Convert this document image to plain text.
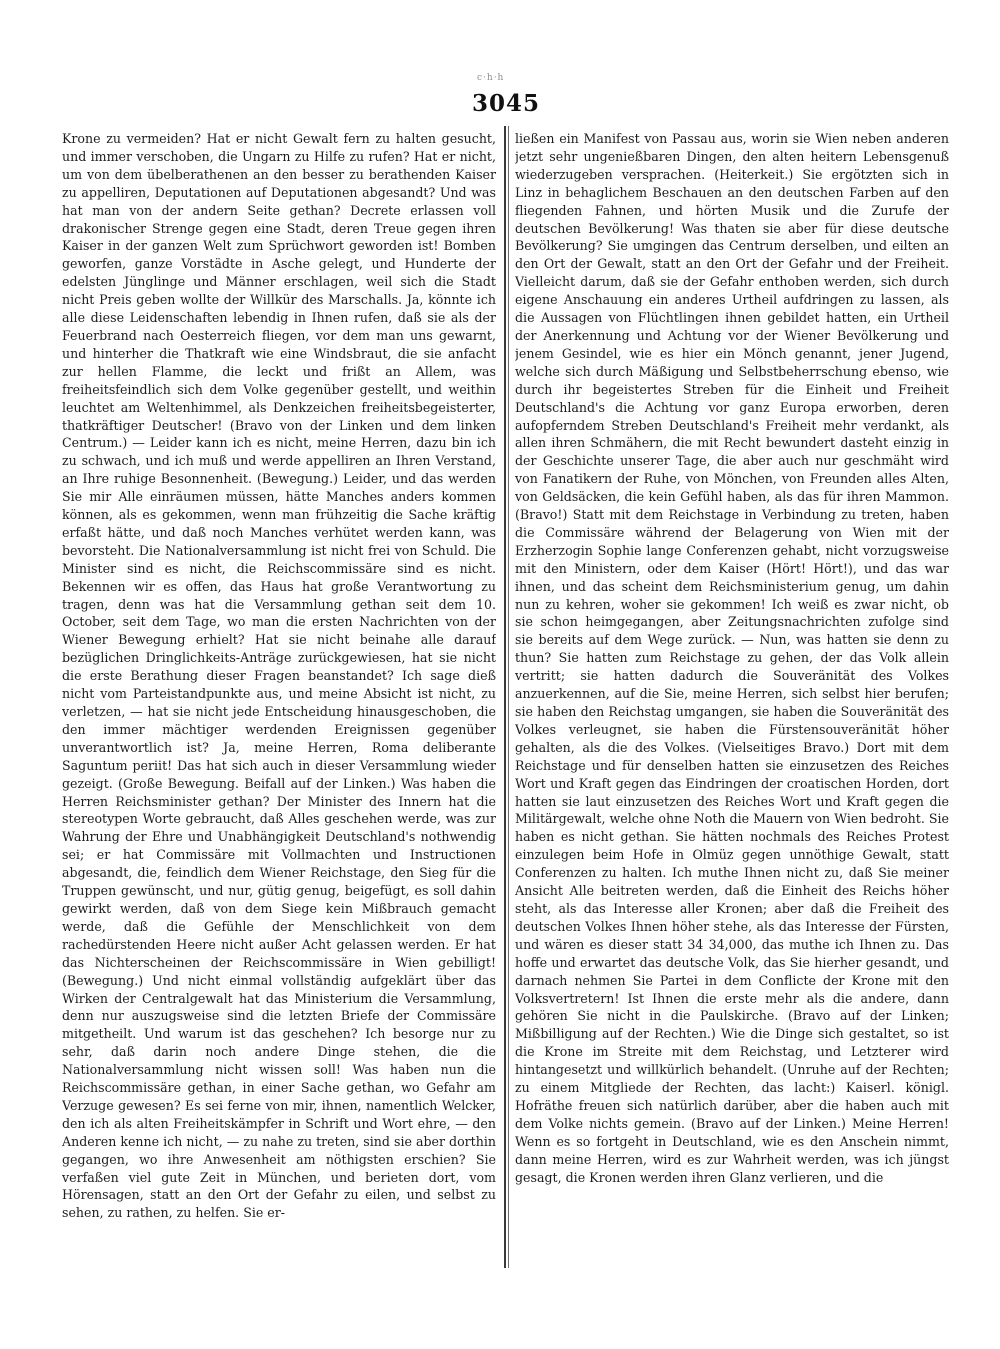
c·h·h
3045

Krone zu vermeiden? Hat er nicht Gewalt fern zu halten gesucht, und immer verschoben, die Ungarn zu Hilfe zu rufen? Hat er nicht, um von dem übelberathenen an den besser zu berathenden Kaiser zu appelliren, Deputationen auf Deputationen abgesandt? Und was hat man von der andern Seite gethan? Decrete erlassen voll drakonischer Strenge gegen eine Stadt, deren Treue gegen ihren Kaiser in der ganzen Welt zum Sprüchwort geworden ist! Bomben geworfen, ganze Vorstädte in Asche gelegt, und Hunderte der edelsten Jünglinge und Männer erschlagen, weil sich die Stadt nicht Preis geben wollte der Willkür des Marschalls. Ja, könnte ich alle diese Leidenschaften lebendig in Ihnen rufen, daß sie als der Feuerbrand nach Oesterreich fliegen, vor dem man uns gewarnt, und hinterher die Thatkraft wie eine Windsbraut, die sie anfacht zur hellen Flamme, die leckt und frißt an Allem, was freiheitsfeindlich sich dem Volke gegenüber gestellt, und weithin leuchtet am Weltenhimmel, als Denkzeichen freiheitsbegeisterter, thatkräftiger Deutscher! (Bravo von der Linken und dem linken Centrum.) — Leider kann ich es nicht, meine Herren, dazu bin ich zu schwach, und ich muß und werde appelliren an Ihren Verstand, an Ihre ruhige Besonnenheit. (Bewegung.) Leider, und das werden Sie mir Alle einräumen müssen, hätte Manches anders kommen können, als es gekommen, wenn man frühzeitig die Sache kräftig erfaßt hätte, und daß noch Manches verhütet werden kann, was bevorsteht. Die Nationalversammlung ist nicht frei von Schuld. Die Minister sind es nicht, die Reichscommissäre sind es nicht. Bekennen wir es offen, das Haus hat große Verantwortung zu tragen, denn was hat die Versammlung gethan seit dem 10. October, seit dem Tage, wo man die ersten Nachrichten von der Wiener Bewegung erhielt? Hat sie nicht beinahe alle darauf bezüglichen Dringlichkeits-Anträge zurückgewiesen, hat sie nicht die erste Berathung dieser Fragen beanstandet? Ich sage dieß nicht vom Parteistandpunkte aus, und meine Absicht ist nicht, zu verletzen, — hat sie nicht jede Entscheidung hinausgeschoben, die den immer mächtiger werdenden Ereignissen gegenüber unverantwortlich ist? Ja, meine Herren, Roma deliberante Saguntum periit! Das hat sich auch in dieser Versammlung wieder gezeigt. (Große Bewegung. Beifall auf der Linken.) Was haben die Herren Reichsminister gethan? Der Minister des Innern hat die stereotypen Worte gebraucht, daß Alles geschehen werde, was zur Wahrung der Ehre und Unabhängigkeit Deutschland's nothwendig sei; er hat Commissäre mit Vollmachten und Instructionen abgesandt, die, feindlich dem Wiener Reichstage, den Sieg für die Truppen gewünscht, und nur, gütig genug, beigefügt, es soll dahin gewirkt werden, daß von dem Siege kein Mißbrauch gemacht werde, daß die Gefühle der Menschlichkeit von dem rachedürstenden Heere nicht außer Acht gelassen werden. Er hat das Nichterscheinen der Reichscommissäre in Wien gebilligt! (Bewegung.) Und nicht einmal vollständig aufgeklärt über das Wirken der Centralgewalt hat das Ministerium die Versammlung, denn nur auszugsweise sind die letzten Briefe der Commissäre mitgetheilt. Und warum ist das geschehen? Ich besorge nur zu sehr, daß darin noch andere Dinge stehen, die die Nationalversammlung nicht wissen soll! Was haben nun die Reichscommissäre gethan, in einer Sache gethan, wo Gefahr am Verzuge gewesen? Es sei ferne von mir, ihnen, namentlich Welcker, den ich als alten Freiheitskämpfer in Schrift und Wort ehre, — den Anderen kenne ich nicht, — zu nahe zu treten, sind sie aber dorthin gegangen, wo ihre Anwesenheit am nöthigsten erschien? Sie verfaßen viel gute Zeit in München, und berieten dort, vom Hörensagen, statt an den Ort der Gefahr zu eilen, und selbst zu sehen, zu rathen, zu helfen. Sie er-

ließen ein Manifest von Passau aus, worin sie Wien neben anderen jetzt sehr ungenießbaren Dingen, den alten heitern Lebensgenuß wiederzugeben versprachen. (Heiterkeit.) Sie ergötzten sich in Linz in behaglichem Beschauen an den deutschen Farben auf den fliegenden Fahnen, und hörten Musik und die Zurufe der deutschen Bevölkerung! Was thaten sie aber für diese deutsche Bevölkerung? Sie umgingen das Centrum derselben, und eilten an den Ort der Gewalt, statt an den Ort der Gefahr und der Freiheit. Vielleicht darum, daß sie der Gefahr enthoben werden, sich durch eigene Anschauung ein anderes Urtheil aufdringen zu lassen, als die Aussagen von Flüchtlingen ihnen gebildet hatten, ein Urtheil der Anerkennung und Achtung vor der Wiener Bevölkerung und jenem Gesindel, wie es hier ein Mönch genannt, jener Jugend, welche sich durch Mäßigung und Selbstbeherrschung ebenso, wie durch ihr begeistertes Streben für die Einheit und Freiheit Deutschland's die Achtung vor ganz Europa erworben, deren aufopferndem Streben Deutschland's Freiheit mehr verdankt, als allen ihren Schmähern, die mit Recht bewundert dasteht einzig in der Geschichte unserer Tage, die aber auch nur geschmäht wird von Fanatikern der Ruhe, von Mönchen, von Freunden alles Alten, von Geldsäcken, die kein Gefühl haben, als das für ihren Mammon. (Bravo!) Statt mit dem Reichstage in Verbindung zu treten, haben die Commissäre während der Belagerung von Wien mit der Erzherzogin Sophie lange Conferenzen gehabt, nicht vorzugsweise mit den Ministern, oder dem Kaiser (Hört! Hört!), und das war ihnen, und das scheint dem Reichsministerium genug, um dahin nun zu kehren, woher sie gekommen! Ich weiß es zwar nicht, ob sie schon heimgegangen, aber Zeitungsnachrichten zufolge sind sie bereits auf dem Wege zurück. — Nun, was hatten sie denn zu thun? Sie hatten zum Reichstage zu gehen, der das Volk allein vertritt; sie hatten dadurch die Souveränität des Volkes anzuerkennen, auf die Sie, meine Herren, sich selbst hier berufen; sie haben den Reichstag umgangen, sie haben die Souveränität des Volkes verleugnet, sie haben die Fürstensouveränität höher gehalten, als die des Volkes. (Vielseitiges Bravo.) Dort mit dem Reichstage und für denselben hatten sie einzusetzen des Reiches Wort und Kraft gegen das Eindringen der croatischen Horden, dort hatten sie laut einzusetzen des Reiches Wort und Kraft gegen die Militärgewalt, welche ohne Noth die Mauern von Wien bedroht. Sie haben es nicht gethan. Sie hätten nochmals des Reiches Protest einzulegen beim Hofe in Olmüz gegen unnöthige Gewalt, statt Conferenzen zu halten. Ich muthe Ihnen nicht zu, daß Sie meiner Ansicht Alle beitreten werden, daß die Einheit des Reichs höher steht, als das Interesse aller Kronen; aber daß die Freiheit des deutschen Volkes Ihnen höher stehe, als das Interesse der Fürsten, und wären es dieser statt 34 34,000, das muthe ich Ihnen zu. Das hoffe und erwartet das deutsche Volk, das Sie hierher gesandt, und darnach nehmen Sie Partei in dem Conflicte der Krone mit den Volksvertretern! Ist Ihnen die erste mehr als die andere, dann gehören Sie nicht in die Paulskirche. (Bravo auf der Linken; Mißbilligung auf der Rechten.) Wie die Dinge sich gestaltet, so ist die Krone im Streite mit dem Reichstag, und Letzterer wird hintangesetzt und willkürlich behandelt. (Unruhe auf der Rechten; zu einem Mitgliede der Rechten, das lacht:) Kaiserl. königl. Hofräthe freuen sich natürlich darüber, aber die haben auch mit dem Volke nichts gemein. (Bravo auf der Linken.) Meine Herren! Wenn es so fortgeht in Deutschland, wie es den Anschein nimmt, dann meine Herren, wird es zur Wahrheit werden, was ich jüngst gesagt, die Kronen werden ihren Glanz verlieren, und die
